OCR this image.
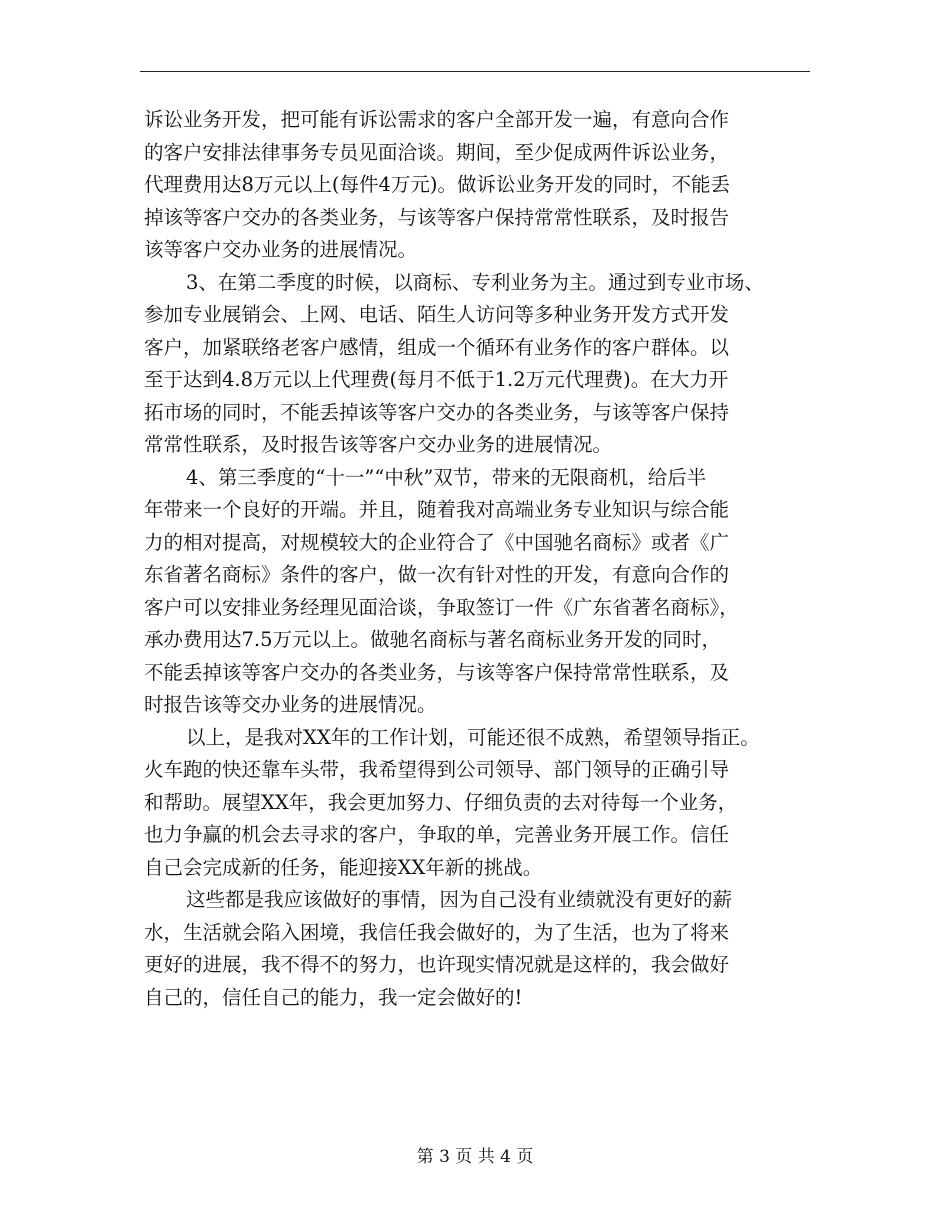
诉讼业务开发，把可能有诉讼需求的客户全部开发一遍，有意向合作
的客户安排法律事务专员见面洽谈。期间，至少促成两件诉讼业务，
代理费用达8万元以上(每件4万元)。做诉讼业务开发的同时，不能丢
掉该等客户交办的各类业务，与该等客户保持常常性联系，及时报告
该等客户交办业务的进展情况。
3、在第二季度的时候，以商标、专利业务为主。通过到专业市场、
参加专业展销会、上网、电话、陌生人访问等多种业务开发方式开发
客户，加紧联络老客户感情，组成一个循环有业务作的客户群体。以
至于达到4.8万元以上代理费(每月不低于1.2万元代理费)。在大力开
拓市场的同时，不能丢掉该等客户交办的各类业务，与该等客户保持
常常性联系，及时报告该等客户交办业务的进展情况。
4、第三季度的“十一”“中秋”双节，带来的无限商机，给后半
年带来一个良好的开端。并且，随着我对高端业务专业知识与综合能
力的相对提高，对规模较大的企业符合了《中国驰名商标》或者《广
东省著名商标》条件的客户，做一次有针对性的开发，有意向合作的
客户可以安排业务经理见面洽谈，争取签订一件《广东省著名商标》，
承办费用达7.5万元以上。做驰名商标与著名商标业务开发的同时，
不能丢掉该等客户交办的各类业务，与该等客户保持常常性联系，及
时报告该等交办业务的进展情况。
以上，是我对XX年的工作计划，可能还很不成熟，希望领导指正。
火车跑的快还靠车头带，我希望得到公司领导、部门领导的正确引导
和帮助。展望XX年，我会更加努力、仔细负责的去对待每一个业务，
也力争赢的机会去寻求的客户，争取的单，完善业务开展工作。信任
自己会完成新的任务，能迎接XX年新的挑战。
这些都是我应该做好的事情，因为自己没有业绩就没有更好的薪
水，生活就会陷入困境，我信任我会做好的，为了生活，也为了将来
更好的进展，我不得不的努力，也许现实情况就是这样的，我会做好
自己的，信任自己的能力，我一定会做好的!
第 3 页 共 4 页
